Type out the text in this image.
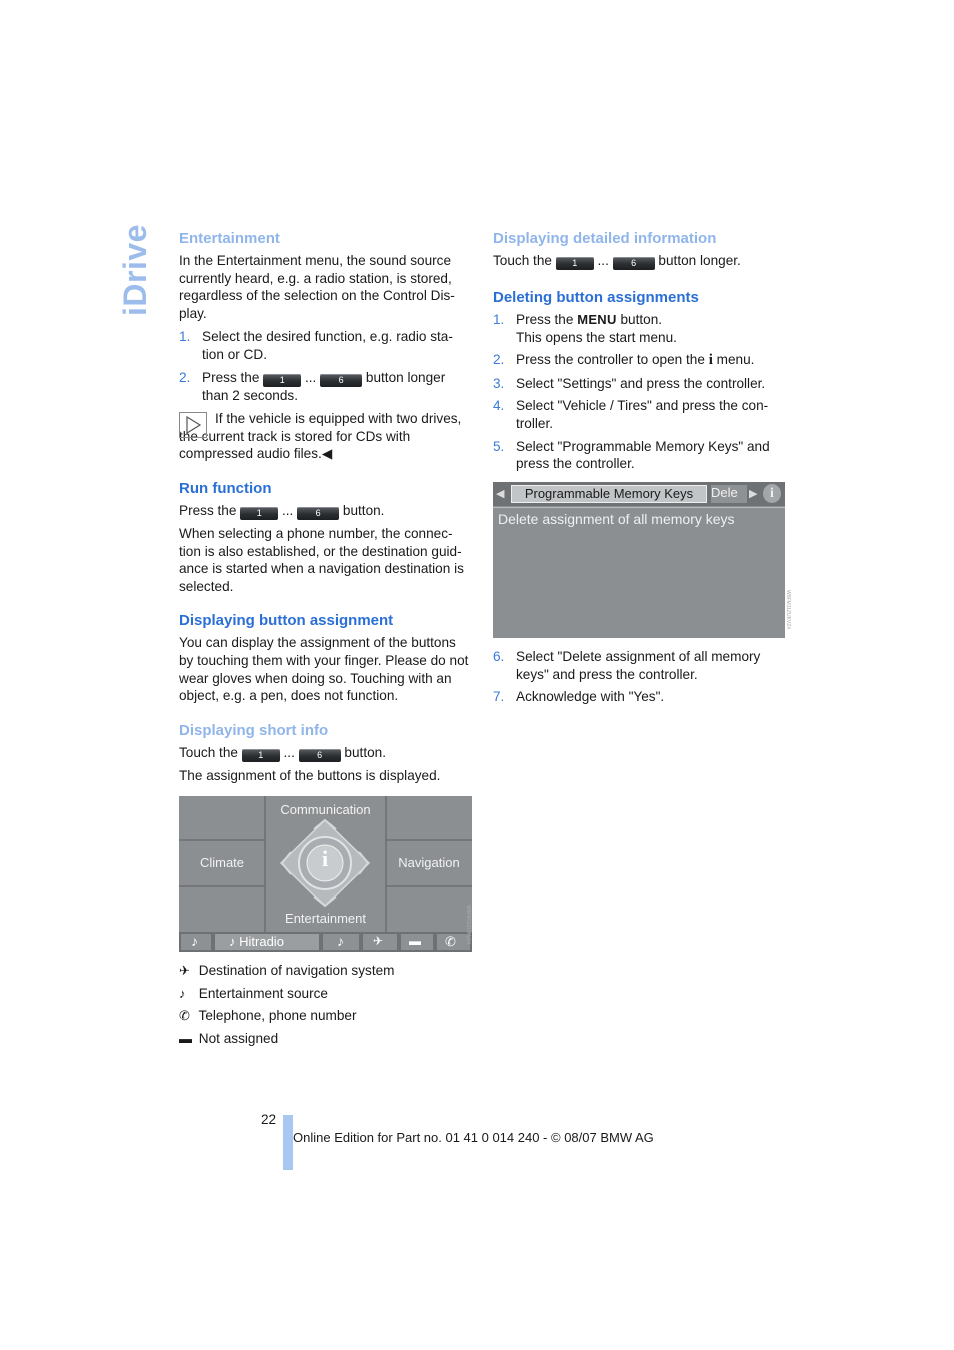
iDrive Entertainment

In the Entertainment menu, the sound source currently heard, e.g. a radio station, is stored, regardless of the selection on the Control Dis-play.

1. Select the desired function, e.g. radio sta-tion or CD.
2. Press the 1 ... 6 button longer than 2 seconds.

If the vehicle is equipped with two drives, the current track is stored for CDs with compressed audio files.◀

Run function

Press the 1 ... 6 button.

When selecting a phone number, the connec-tion is also established, or the destination guid-ance is started when a navigation destination is selected.

Displaying button assignment

You can display the assignment of the buttons by touching them with your finger. Please do not wear gloves when doing so. Touching with an object, e.g. a pen, does not function.

Displaying short info

Touch the 1 ... 6 button.

The assignment of the buttons is displayed.

Communication
Climate	Navigation
Entertainment
i
♪ ♪ Hitradio	♪ ✈ ▬ ✆	W8FM11ZUKVZ4

✈ Destination of navigation system

♪ Entertainment source

✆ Telephone, phone number

▬ Not assigned

Displaying detailed information

Touch the 1 ... 6 button longer.

Deleting button assignments
1. Press the MENU button.
This opens the start menu.
2. Press the controller to open the i menu.
3. Select "Settings" and press the controller.
4. Select "Vehicle / Tires" and press the con-troller.
5. Select "Programmable Memory Keys" and press the controller.
◀	Programmable Memory Keys	Dele	▶ i
Delete assignment of all memory keys
W8FM11ZUKVZ4
6. Select "Delete assignment of all memory keys" and press the controller.
7. Acknowledge with "Yes".
22
Online Edition for Part no. 01 41 0 014 240 - © 08/07 BMW AG
